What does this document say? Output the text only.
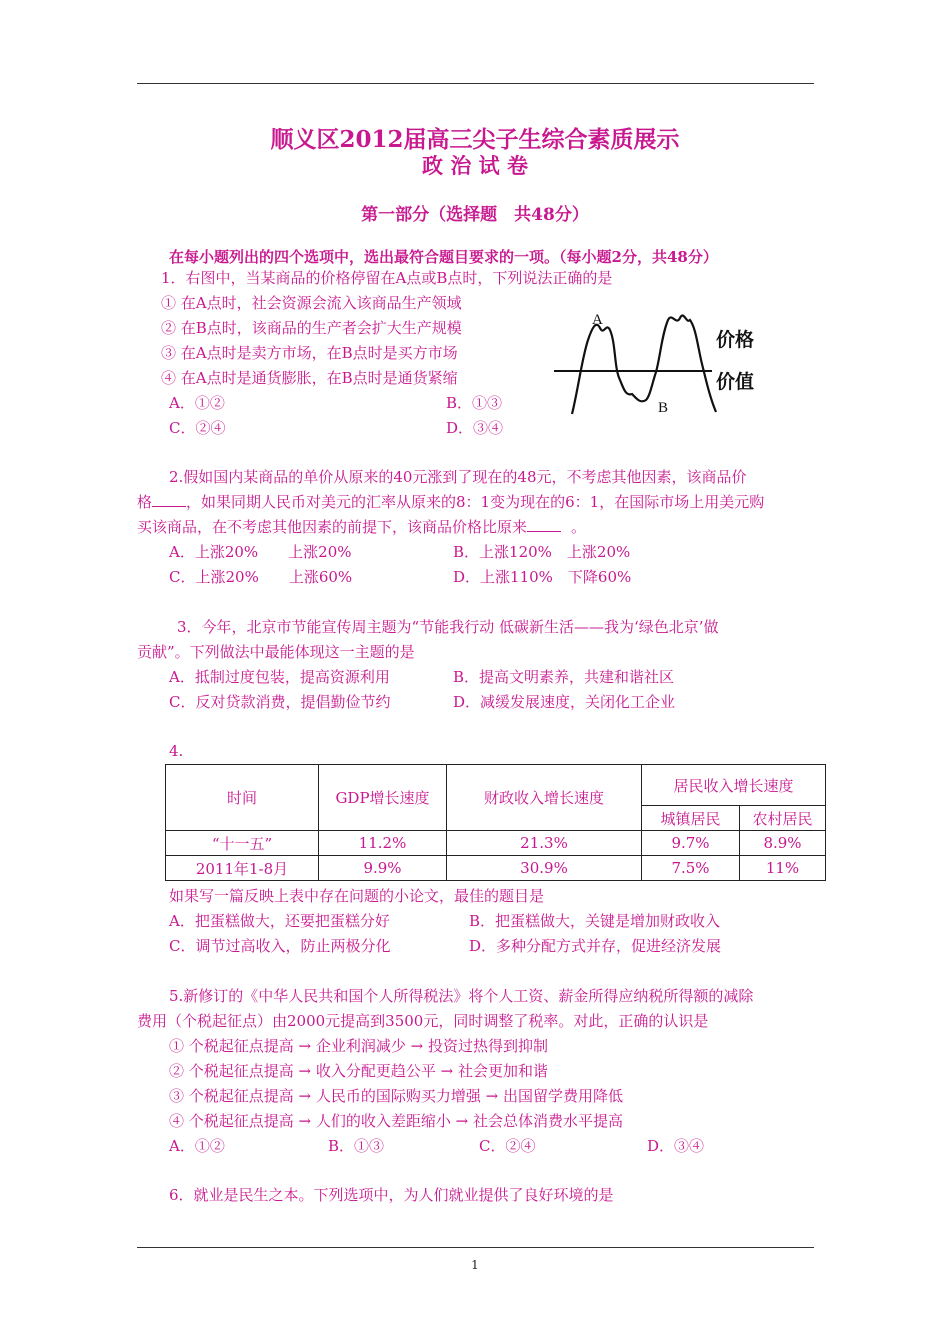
顺义区2012届高三尖子生综合素质展示
政 治 试 卷
第一部分（选择题　共48分）
在每小题列出的四个选项中，选出最符合题目要求的一项。（每小题2分，共48分）
1．右图中，当某商品的价格停留在A点或B点时，下列说法正确的是
① 在A点时，社会资源会流入该商品生产领域
② 在B点时，该商品的生产者会扩大生产规模
③ 在A点时是卖方市场，在B点时是买方市场
④ 在A点时是通货膨胀，在B点时是通货紧缩
A．①②	B．①③
C．②④	D．③④
A
B
价格
价值
2.假如国内某商品的单价从原来的40元涨到了现在的48元，不考虑其他因素，该商品价
格 ，如果同期人民币对美元的汇率从原来的8：1变为现在的6：1，在国际市场上用美元购
买该商品，在不考虑其他因素的前提下，该商品价格比原来	。
A．上涨20%　　上涨20%	B．上涨120%　上涨20%
C．上涨20%　　上涨60%	D．上涨110%　下降60%
3．今年，北京市节能宣传周主题为“节能我行动 低碳新生活——我为‘绿色北京’做
贡献”。下列做法中最能体现这一主题的是
A．抵制过度包装，提高资源利用	B．提高文明素养，共建和谐社区
C．反对贷款消费，提倡勤俭节约	D．减缓发展速度，关闭化工企业
4.
时间	GDP增长速度	财政收入增长速度	居民收入增长速度	
			城镇居民	农村居民
“十一五”	11.2%	21.3%	9.7%	8.9%
2011年1-8月	9.9%	30.9%	7.5%	11%
如果写一篇反映上表中存在问题的小论文，最佳的题目是
A．把蛋糕做大，还要把蛋糕分好	B．把蛋糕做大，关键是增加财政收入
C．调节过高收入，防止两极分化	D．多种分配方式并存，促进经济发展
5.新修订的《中华人民共和国个人所得税法》将个人工资、薪金所得应纳税所得额的减除
费用（个税起征点）由2000元提高到3500元，同时调整了税率。对此，正确的认识是
① 个税起征点提高 → 企业利润减少 → 投资过热得到抑制
② 个税起征点提高 → 收入分配更趋公平 → 社会更加和谐
③ 个税起征点提高 → 人民币的国际购买力增强 → 出国留学费用降低
④ 个税起征点提高 → 人们的收入差距缩小 → 社会总体消费水平提高
A．①②	B．①③	C．②④	D．③④
6．就业是民生之本。下列选项中，为人们就业提供了良好环境的是
1
